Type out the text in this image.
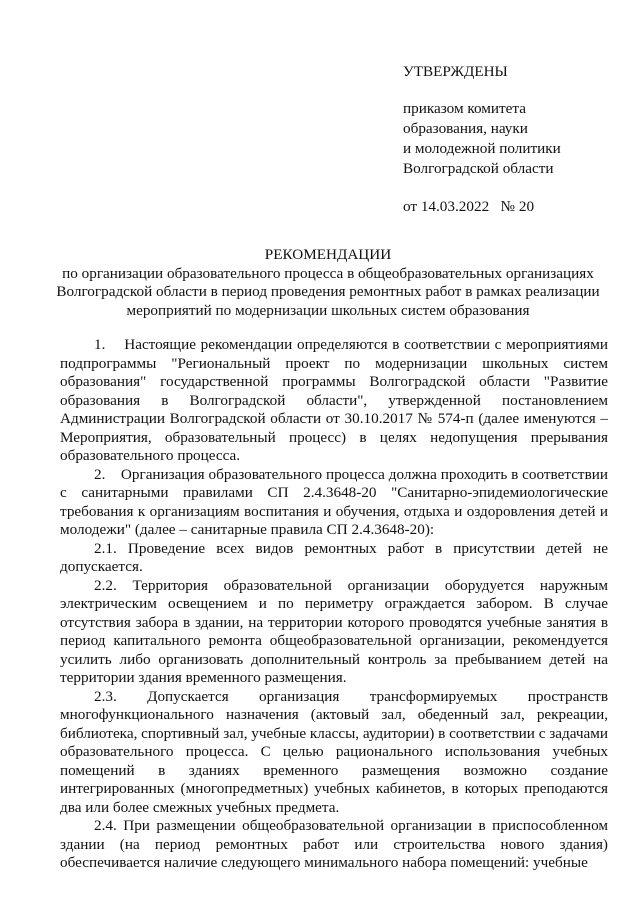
УТВЕРЖДЕНЫ
приказом комитета
образования, науки
и молодежной политики
Волгоградской области
от 14.03.2022   № 20
РЕКОМЕНДАЦИИ
по организации образовательного процесса в общеобразовательных организациях
Волгоградской области в период проведения ремонтных работ в рамках реализации
мероприятий по модернизации школьных систем образования

1.    Настоящие рекомендации определяются в соответствии с мероприятиями подпрограммы "Региональный проект по модернизации школьных систем образования" государственной программы Волгоградской области "Развитие образования в Волгоградской области", утвержденной постановлением Администрации Волгоградской области от 30.10.2017 № 574-п (далее именуются – Мероприятия, образовательный процесс) в целях недопущения прерывания образовательного процесса.

2.    Организация образовательного процесса должна проходить в соответствии с санитарными правилами СП 2.4.3648-20 "Санитарно-эпидемиологические требования к организациям воспитания и обучения, отдыха и оздоровления детей и молодежи" (далее – санитарные правила СП 2.4.3648-20):

2.1. Проведение всех видов ремонтных работ в присутствии детей не допускается.

2.2. Территория образовательной организации оборудуется наружным электрическим освещением и по периметру ограждается забором. В случае отсутствия забора в здании, на территории которого проводятся учебные занятия в период капитального ремонта общеобразовательной организации, рекомендуется усилить либо организовать дополнительный контроль за пребыванием детей на территории здания временного размещения.

2.3. Допускается организация трансформируемых пространств многофункционального назначения (актовый зал, обеденный зал, рекреации, библиотека, спортивный зал, учебные классы, аудитории) в соответствии с задачами образовательного процесса. С целью рационального использования учебных помещений в зданиях временного размещения возможно создание интегрированных (многопредметных) учебных кабинетов, в которых преподаются два или более смежных учебных предмета.

2.4. При размещении общеобразовательной организации в приспособленном здании (на период ремонтных работ или строительства нового здания) обеспечивается наличие следующего минимального набора помещений: учебные
